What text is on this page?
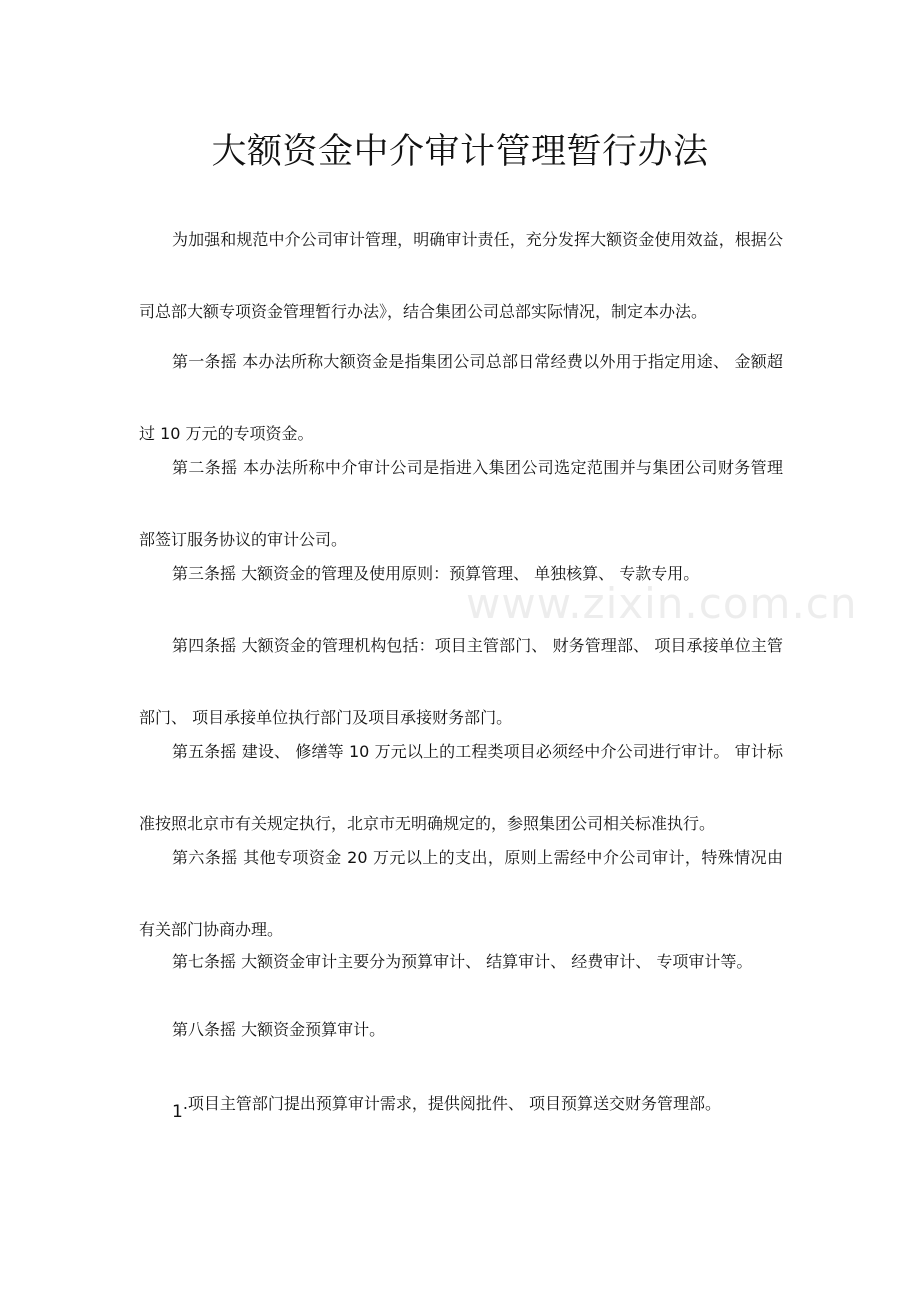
大额资金中介审计管理暂行办法
为加强和规范中介公司审计管理，明确审计责任，充分发挥大额资金使用效益，根据公司总部大额专项资金管理暂行办法》，结合集团公司总部实际情况，制定本办法。
第一条摇 本办法所称大额资金是指集团公司总部日常经费以外用于指定用途、 金额超过 10 万元的专项资金。
第二条摇 本办法所称中介审计公司是指进入集团公司选定范围并与集团公司财务管理部签订服务协议的审计公司。
第三条摇 大额资金的管理及使用原则：预算管理、 单独核算、 专款专用。
第四条摇 大额资金的管理机构包括：项目主管部门、 财务管理部、 项目承接单位主管部门、 项目承接单位执行部门及项目承接财务部门。
第五条摇 建设、 修缮等 10 万元以上的工程类项目必须经中介公司进行审计。 审计标准按照北京市有关规定执行，北京市无明确规定的，参照集团公司相关标准执行。
第六条摇 其他专项资金 20 万元以上的支出，原则上需经中介公司审计，特殊情况由有关部门协商办理。
第七条摇 大额资金审计主要分为预算审计、 结算审计、 经费审计、 专项审计等。
第八条摇 大额资金预算审计。
1.项目主管部门提出预算审计需求，提供阅批件、 项目预算送交财务管理部。
www.zixin.com.cn
